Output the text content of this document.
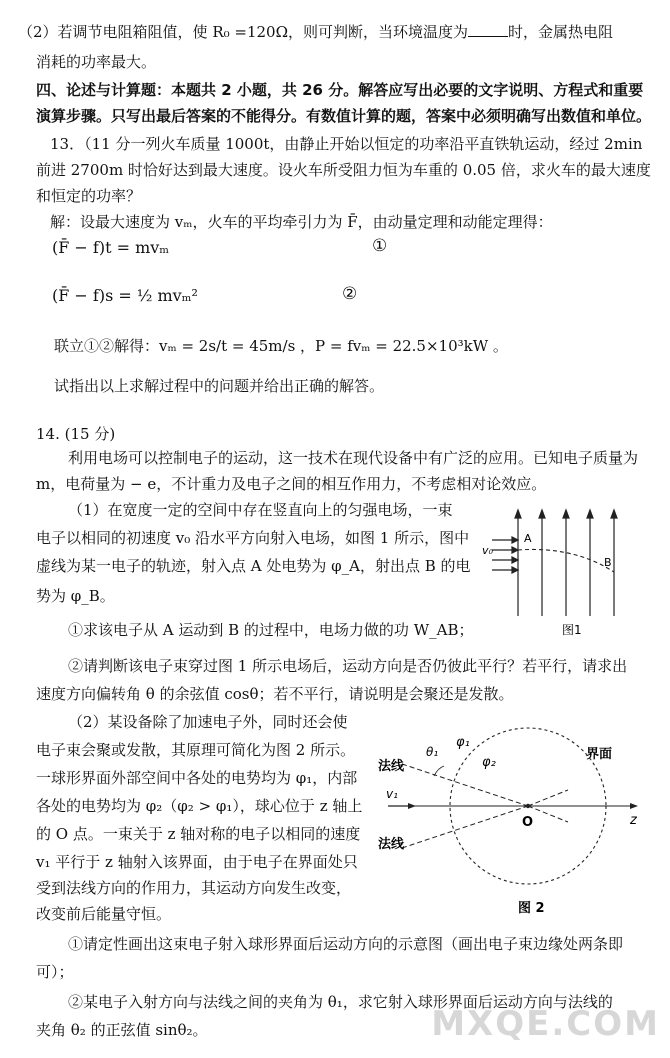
（2）若调节电阻箱阻值，使 R₀ =120Ω，则可判断，当环境温度为	时，金属热电阻
消耗的功率最大。
四、论述与计算题：本题共 2 小题，共 26 分。解答应写出必要的文字说明、方程式和重要
演算步骤。只写出最后答案的不能得分。有数值计算的题，答案中必须明确写出数值和单位。
13．（11 分一列火车质量 1000t，由静止开始以恒定的功率沿平直铁轨运动，经过 2min
前进 2700m 时恰好达到最大速度。设火车所受阻力恒为车重的 0.05 倍，求火车的最大速度
和恒定的功率？
解：设最大速度为 vₘ，火车的平均牵引力为 F̄，由动量定理和动能定理得：
(F̄ − f)t = mvₘ	①
(F̄ − f)s = ½ mvₘ²	②
联立①②解得：vₘ = 2s/t = 45m/s ，P = fvₘ = 22.5×10³kW 。
试指出以上求解过程中的问题并给出正确的解答。
14. (15 分)
利用电场可以控制电子的运动，这一技术在现代设备中有广泛的应用。已知电子质量为
m，电荷量为 − e，不计重力及电子之间的相互作用力，不考虑相对论效应。
（1）在宽度一定的空间中存在竖直向上的匀强电场，一束
电子以相同的初速度 v₀ 沿水平方向射入电场，如图 1 所示，图中
虚线为某一电子的轨迹，射入点 A 处电势为 φ_A，射出点 B 的电
势为 φ_B。
v₀
A
B
图1
①求该电子从 A 运动到 B 的过程中，电场力做的功 W_AB；
②请判断该电子束穿过图 1 所示电场后，运动方向是否仍彼此平行？若平行，请求出
速度方向偏转角 θ 的余弦值 cosθ；若不平行，请说明是会聚还是发散。
（2）某设备除了加速电子外，同时还会使
电子束会聚或发散，其原理可简化为图 2 所示。
一球形界面外部空间中各处的电势均为 φ₁，内部
各处的电势均为 φ₂（φ₂ > φ₁），球心位于 z 轴上
的 O 点。一束关于 z 轴对称的电子以相同的速度
v₁ 平行于 z 轴射入该界面，由于电子在界面处只
受到法线方向的作用力，其运动方向发生改变，
改变前后能量守恒。
法线
法线
θ₁
φ₁
φ₂
界面
v₁
O	z
图 2
①请定性画出这束电子射入球形界面后运动方向的示意图（画出电子束边缘处两条即
可）；
②某电子入射方向与法线之间的夹角为 θ₁，求它射入球形界面后运动方向与法线的
夹角 θ₂ 的正弦值 sinθ₂。	MXQE.COM
